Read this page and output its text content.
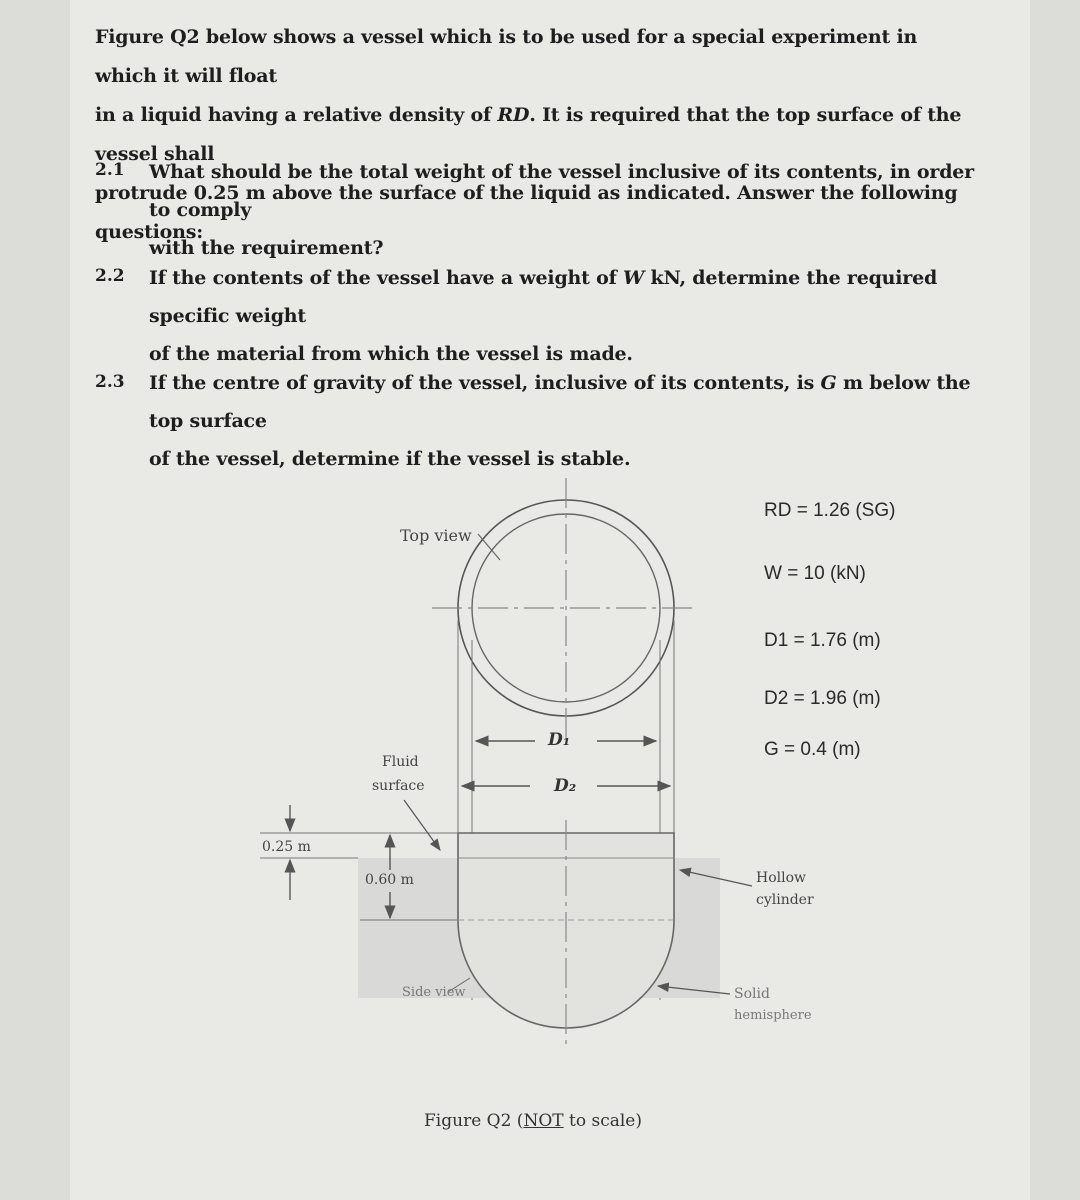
Figure Q2 below shows a vessel which is to be used for a special experiment in which it will float
in a liquid having a relative density of RD. It is required that the top surface of the vessel shall
protrude 0.25 m above the surface of the liquid as indicated. Answer the following questions:
2.1 What should be the total weight of the vessel inclusive of its contents, in order to comply
with the requirement?
2.2 If the contents of the vessel have a weight of W kN, determine the required specific weight
of the material from which the vessel is made.
2.3 If the centre of gravity of the vessel, inclusive of its contents, is G m below the top surface
of the vessel, determine if the vessel is stable.
Top view
D₁
D₂
Fluid
surface
0.25 m
0.60 m
Side view
Hollow
cylinder
Solid
hemisphere
RD = 1.26 (SG)
W = 10 (kN)
D1 = 1.76 (m)
D2 = 1.96 (m)
G = 0.4 (m)
Figure Q2 (NOT to scale)
